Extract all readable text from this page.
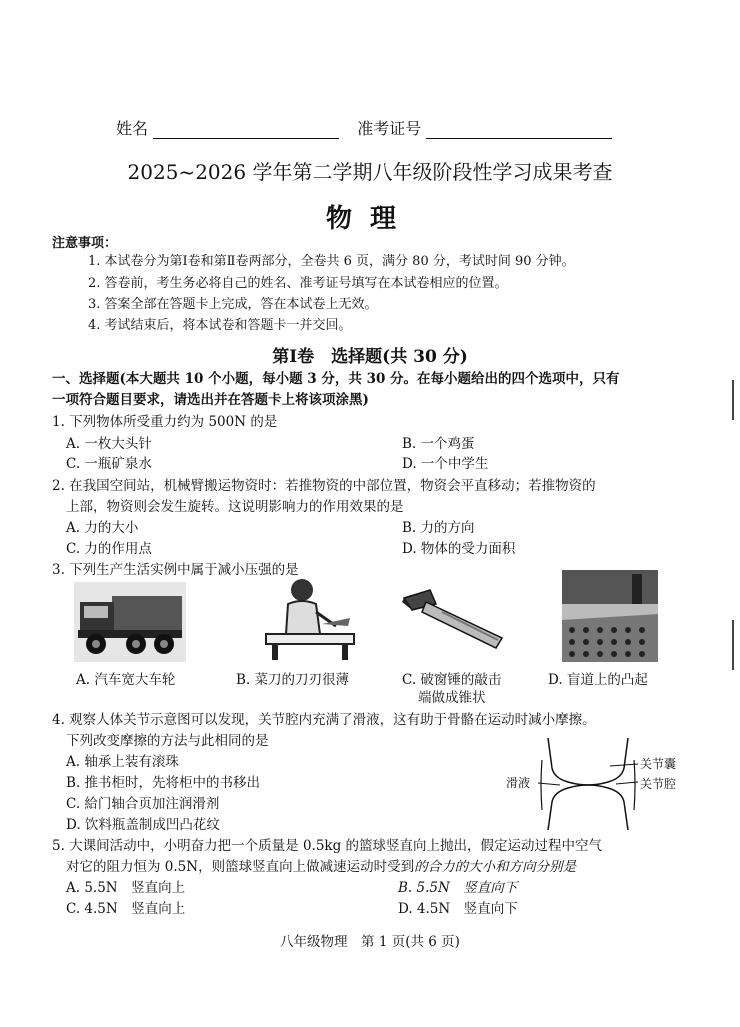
姓名	准考证号
2025~2026 学年第二学期八年级阶段性学习成果考查
物理
注意事项：
1. 本试卷分为第Ⅰ卷和第Ⅱ卷两部分，全卷共 6 页，满分 80 分，考试时间 90 分钟。
2. 答卷前，考生务必将自己的姓名、准考证号填写在本试卷相应的位置。
3. 答案全部在答题卡上完成，答在本试卷上无效。
4. 考试结束后，将本试卷和答题卡一并交回。
第Ⅰ卷　选择题(共 30 分)
一、选择题(本大题共 10 个小题，每小题 3 分，共 30 分。在每小题给出的四个选项中，只有
一项符合题目要求，请选出并在答题卡上将该项涂黑)
1. 下列物体所受重力约为 500N 的是
A. 一枚大头针	B. 一个鸡蛋
C. 一瓶矿泉水	D. 一个中学生
2. 在我国空间站，机械臂搬运物资时：若推物资的中部位置，物资会平直移动；若推物资的
上部，物资则会发生旋转。这说明影响力的作用效果的是
A. 力的大小	B. 力的方向
C. 力的作用点	D. 物体的受力面积
3. 下列生产生活实例中属于减小压强的是
A. 汽车宽大车轮	B. 菜刀的刀刃很薄	C. 破窗锤的敲击
端做成锥状
D. 盲道上的凸起
4. 观察人体关节示意图可以发现，关节腔内充满了滑液，这有助于骨骼在运动时减小摩擦。
下列改变摩擦的方法与此相同的是
A. 轴承上装有滚珠
B. 推书柜时，先将柜中的书移出
C. 給门轴合页加注润滑剂
D. 饮料瓶盖制成凹凸花纹
关节囊
滑液	关节腔
5. 大课间活动中，小明奋力把一个质量是 0.5kg 的篮球竖直向上抛出，假定运动过程中空气
对它的阻力恒为 0.5N，则篮球竖直向上做减速运动时受到的合力的大小和方向分别是
A. 5.5N　竖直向上	B. 5.5N　竖直向下
C. 4.5N　竖直向上	D. 4.5N　竖直向下
八年级物理　第 1 页(共 6 页)
